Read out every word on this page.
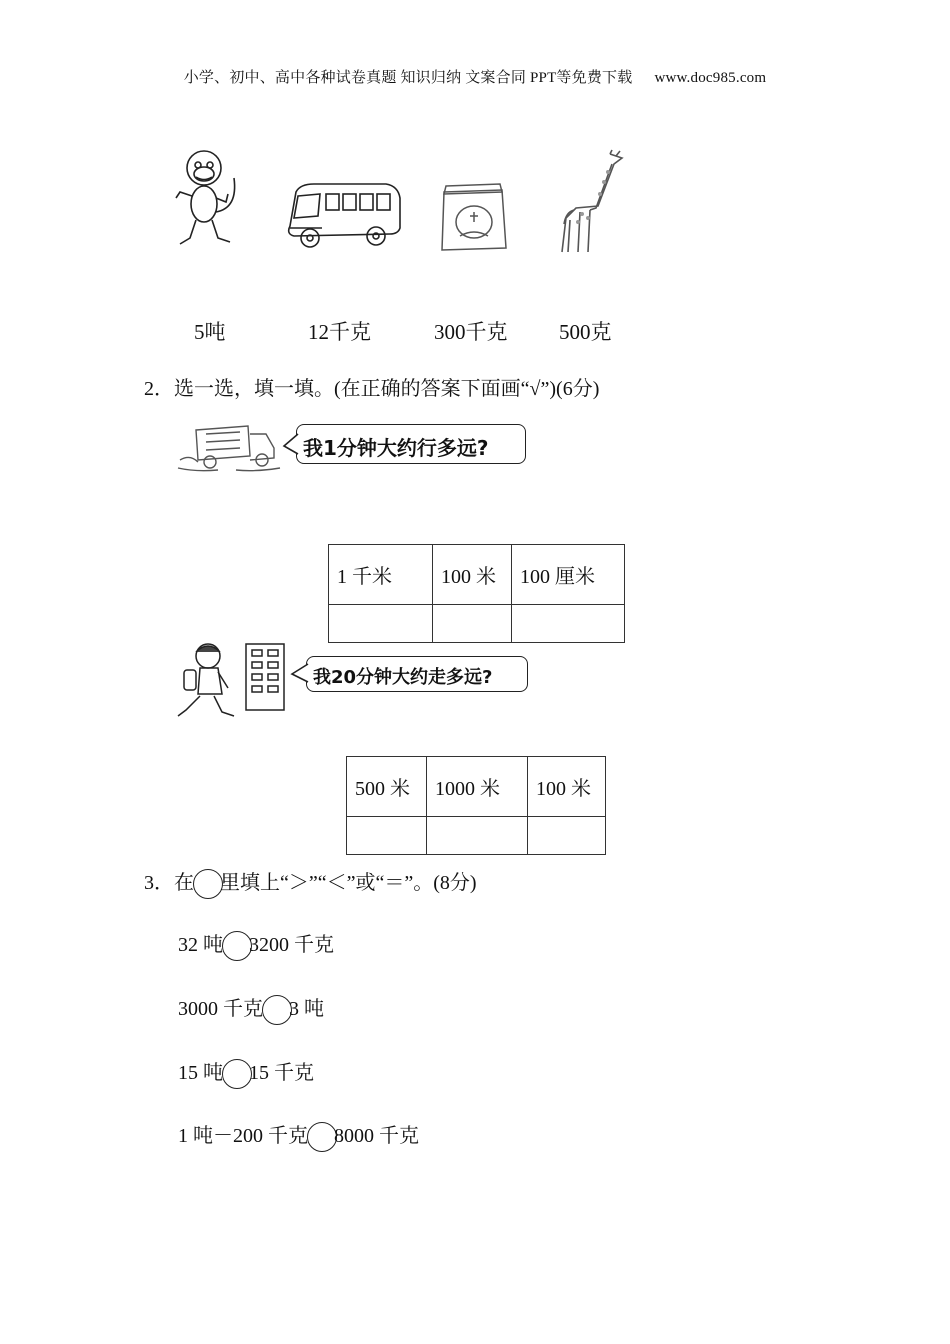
小学、初中、高中各种试卷真题 知识归纳 文案合同 PPT等免费下载 www.doc985.com
5吨	12千克	300千克 500克
2．选一选，填一填。(在正确的答案下面画“√”)(6分)
我1分钟大约行多远?
1 千米	100 米	100 厘米

我20分钟大约走多远?
500 米	1000 米	100 米

3．在 里填上“＞”“＜”或“＝”。(8分)
32 吨 3200 千克
3000 千克 3 吨
15 吨 15 千克
1 吨－200 千克 8000 千克
